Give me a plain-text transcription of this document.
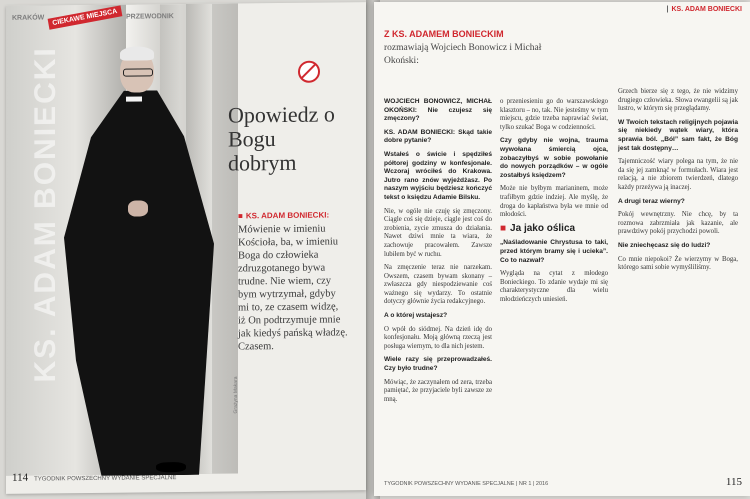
KS. ADAM BONIECKI
KRAKÓW	CIEKAWE MIEJSCA	PRZEWODNIK
Opowiedz o Bogu dobrym
■ KS. ADAM BONIECKI:
Mówienie w imieniu Kościoła, ba, w imieniu Boga do człowieka zdruzgotanego bywa trudne. Nie wiem, czy bym wytrzymał, gdyby mi to, ze czasem widzę, iż On podtrzymuje mnie jak kiedyś pańską władzę. Czasem.
Grażyna Makara
114 TYGODNIK POWSZECHNY WYDANIE SPECJALNE
| KS. ADAM BONIECKI
Z KS. ADAMEM BONIECKIM
rozmawiają Wojciech Bonowicz i Michał Okoński:

WOJCIECH BONOWICZ, MICHAŁ OKOŃSKI: Nie czujesz się zmęczony?

KS. ADAM BONIECKI: Skąd takie dobre pytanie?

Wstałeś o świcie i spędziłeś półtorej godziny w konfesjonale. Wczoraj wróciłeś do Krakowa. Jutro rano znów wyjeżdżasz. Po naszym wyjściu będziesz kończyć tekst o księdzu Adamie Bilsku.

Nie, w ogóle nie czuję się zmęczony. Ciągle coś się dzieje, ciągle jest coś do zrobienia, zycie zmusza do działania. Nawet dziwi mnie ta wiara, że zachowuje pracowałem. Zawsze lubiłem być w ruchu.

Na zmęczenie teraz nie narzekam. Owszem, czasem bywam skonany – zwłaszcza gdy niespodziewanie coś ważnego się wydarzy. To ostatnie dotyczy głównie życia redakcyjnego.

A o której wstajesz?

O wpół do siódmej. Na dzień idę do konfesjonału. Moją główną rzeczą jest posługa wiernym, to dla nich jestem.

Wiele razy się przeprowadzałeś. Czy było trudne?

Mówiąc, że zaczynałem od zera, trzeba pamiętać, że przyjaciele byli zawsze ze mną.

o przeniesieniu go do warszawskiego klasztoru – no, tak. Nie jesteśmy w tym miejscu, gdzie trzeba naprawiać świat, tylko szukać Boga w codzienności.

Czy gdyby nie wojna, trauma wywołana śmiercią ojca, zobaczyłbyś w sobie powołanie do nowych porządków – w ogóle zostałbyś księdzem?

Może nie byłbym marianinem, może trafiłbym gdzie indziej. Ale myślę, że droga do kapłaństwa była we mnie od młodości.

■ Ja jako oślica

„Naśladowanie Chrystusa to taki, przed którym bramy się i ucieka”. Co to nazwał?

Wygląda na cytat z młodego Bonieckiego. To zdanie wydaje mi się charakterystyczne dla wielu młodzieńczych uniesień.

Grzech bierze się z tego, że nie widzimy drugiego człowieka. Słowa ewangelii są jak lustro, w którym się przeglądamy.

W Twoich tekstach religijnych pojawia się niekiedy wątek wiary, która sprawia ból. „Ból” sam fakt, że Bóg jest tak dostępny…

Tajemniczość wiary polega na tym, że nie da się jej zamknąć w formułach. Wiara jest relacją, a nie zbiorem twierdzeń, dlatego każdy przeżywa ją inaczej.

A drugi teraz wierny?

Pokój wewnętrzny. Nie chcę, by ta rozmowa zabrzmiała jak kazanie, ale prawdziwy pokój przychodzi powoli.

Nie zniechęcasz się do ludzi?

Co mnie niepokoi? Że wierzymy w Boga, którego sami sobie wymyśliliśmy.

TYGODNIK POWSZECHNY WYDANIE SPECJALNE | NR 1 | 2016	115
